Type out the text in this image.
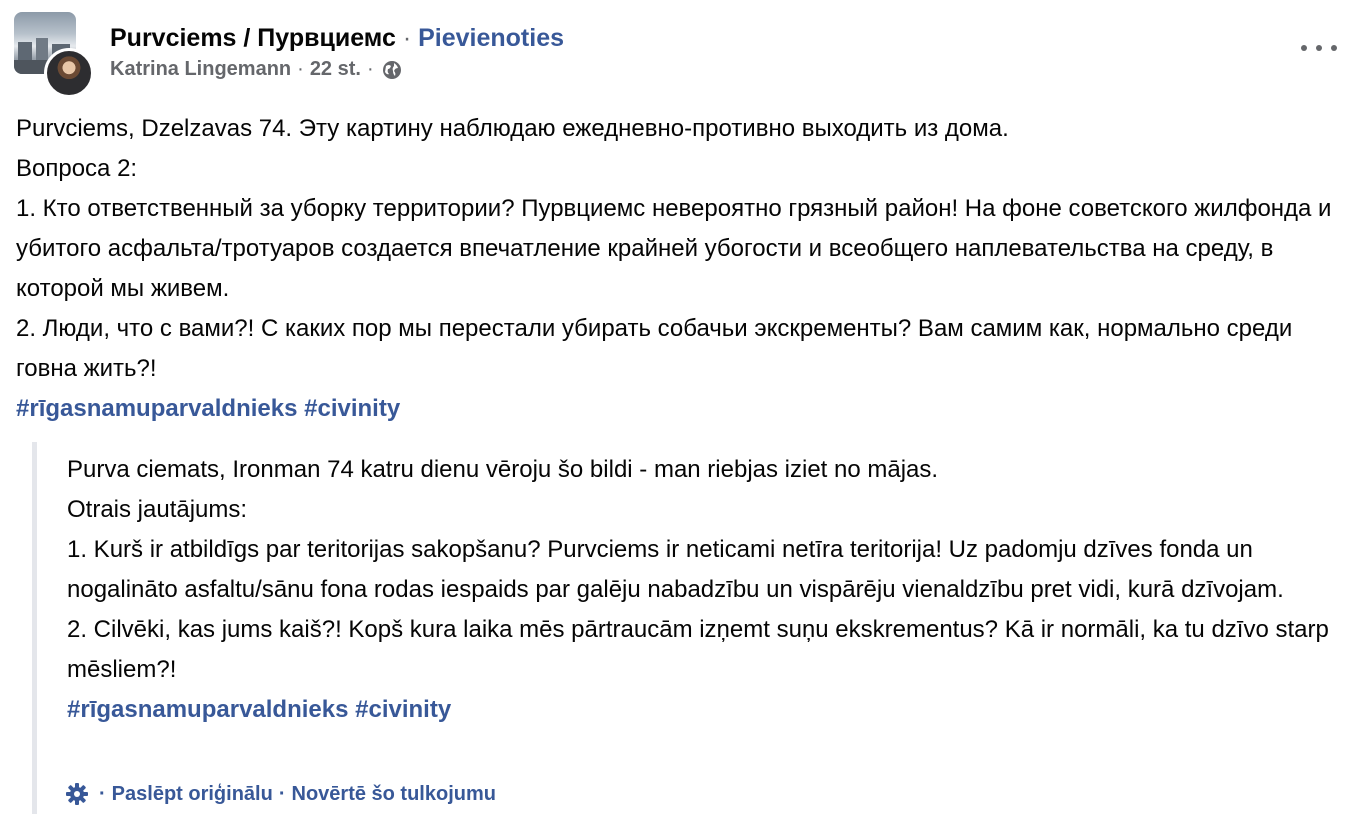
Purvciems / Пурвциемс · Pievienoties
Katrina Lingemann · 22 st. ·

Purvciems, Dzelzavas 74. Эту картину наблюдаю ежедневно-противно выходить из дома.

Вопроса 2:

1. Кто ответственный за уборку территории? Пурвциемс невероятно грязный район! На фоне советского жилфонда и убитого асфальта/тротуаров создается впечатление крайней убогости и всеобщего наплевательства на среду, в которой мы живем.

2. Люди, что с вами?! С каких пор мы перестали убирать собачьи экскременты? Вам самим как, нормально среди говна жить?!

#rīgasnamuparvaldnieks #civinity

Purva ciemats, Ironman 74 katru dienu vēroju šo bildi - man riebjas iziet no mājas.

Otrais jautājums:

1. Kurš ir atbildīgs par teritorijas sakopšanu? Purvciems ir neticami netīra teritorija! Uz padomju dzīves fonda un nogalināto asfaltu/sānu fona rodas iespaids par galēju nabadzību un vispārēju vienaldzību pret vidi, kurā dzīvojam.

2. Cilvēki, kas jums kaiš?! Kopš kura laika mēs pārtraucām izņemt suņu ekskrementus? Kā ir normāli, ka tu dzīvo starp mēsliem?!

#rīgasnamuparvaldnieks #civinity

· Paslēpt oriģinālu · Novērtē šo tulkojumu
